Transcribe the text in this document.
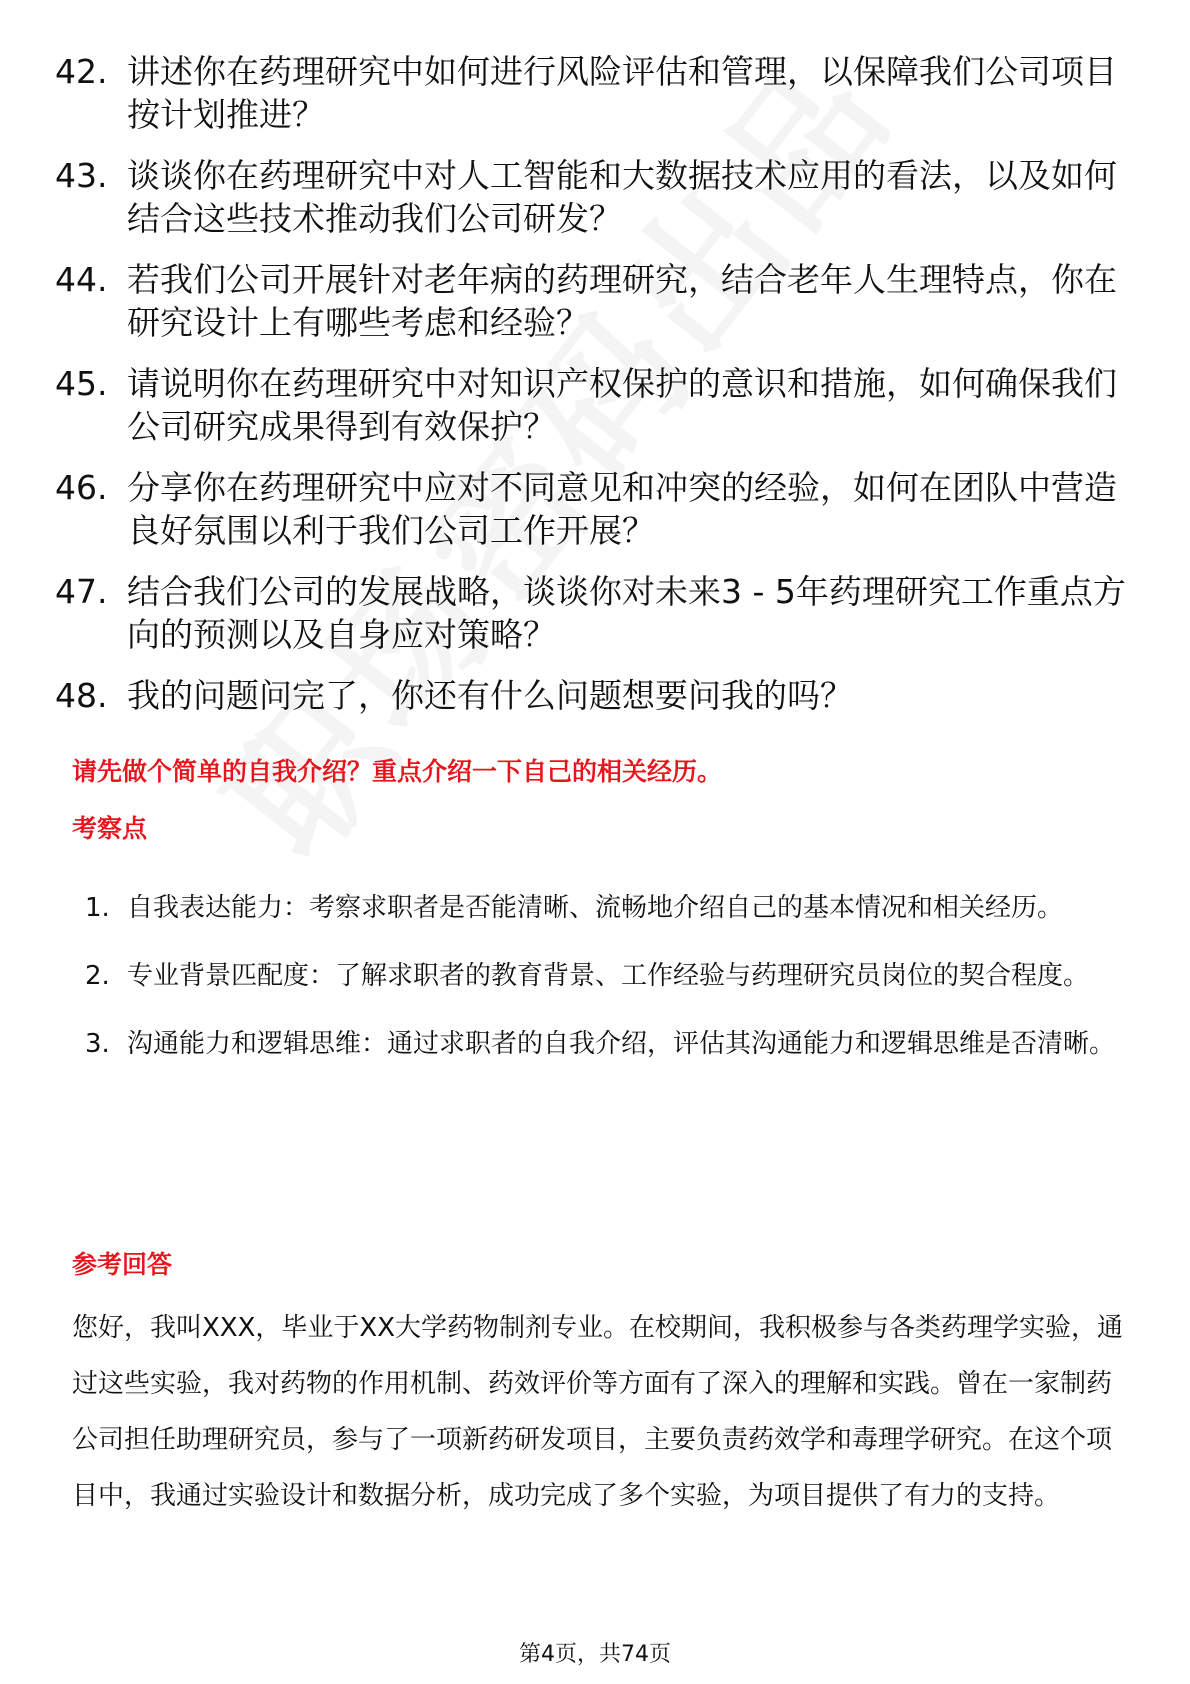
42. 讲述你在药理研究中如何进行风险评估和管理，以保障我们公司项目按计划推进？
43. 谈谈你在药理研究中对人工智能和大数据技术应用的看法，以及如何结合这些技术推动我们公司研发？
44. 若我们公司开展针对老年病的药理研究，结合老年人生理特点，你在研究设计上有哪些考虑和经验？
45. 请说明你在药理研究中对知识产权保护的意识和措施，如何确保我们公司研究成果得到有效保护？
46. 分享你在药理研究中应对不同意见和冲突的经验，如何在团队中营造良好氛围以利于我们公司工作开展？
47. 结合我们公司的发展战略，谈谈你对未来3 - 5年药理研究工作重点方向的预测以及自身应对策略？
48. 我的问题问完了，你还有什么问题想要问我的吗？
请先做个简单的自我介绍？重点介绍一下自己的相关经历。
考察点
1. 自我表达能力：考察求职者是否能清晰、流畅地介绍自己的基本情况和相关经历。
2. 专业背景匹配度：了解求职者的教育背景、工作经验与药理研究员岗位的契合程度。
3. 沟通能力和逻辑思维：通过求职者的自我介绍，评估其沟通能力和逻辑思维是否清晰。
参考回答
您好，我叫XXX，毕业于XX大学药物制剂专业。在校期间，我积极参与各类药理学实验，通过这些实验，我对药物的作用机制、药效评价等方面有了深入的理解和实践。曾在一家制药公司担任助理研究员，参与了一项新药研发项目，主要负责药效学和毒理学研究。在这个项目中，我通过实验设计和数据分析，成功完成了多个实验，为项目提供了有力的支持。
第4页，共74页
